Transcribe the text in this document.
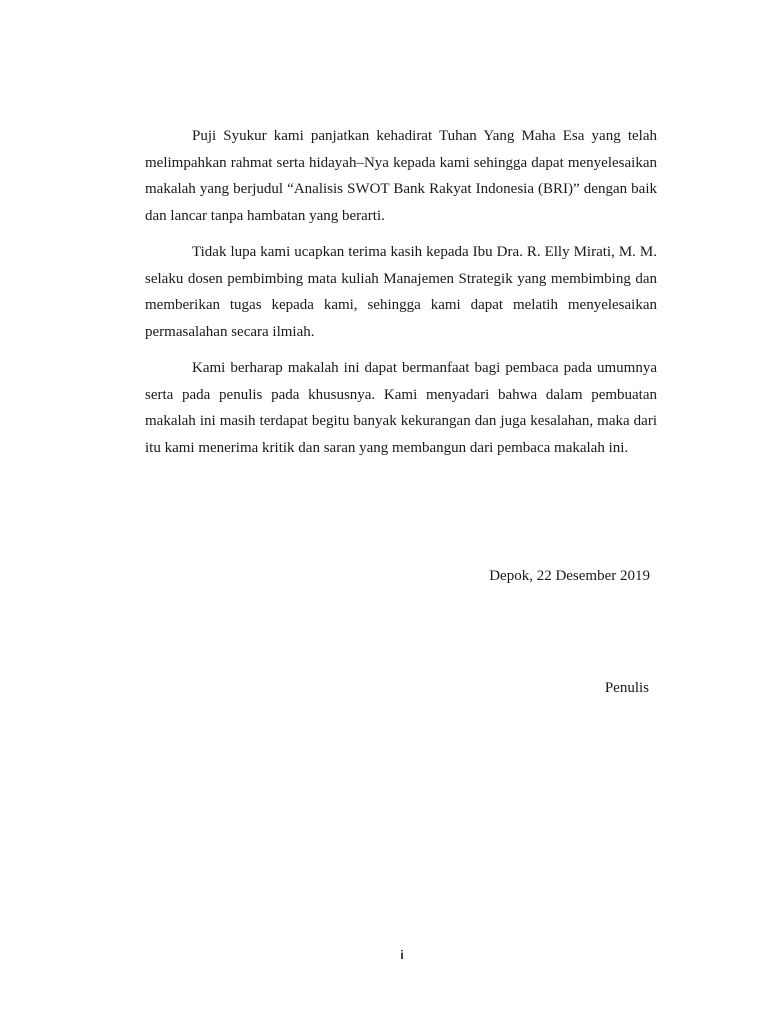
Puji Syukur kami panjatkan kehadirat Tuhan Yang Maha Esa yang telah melimpahkan rahmat serta hidayah–Nya kepada kami sehingga dapat menyelesaikan makalah yang berjudul “Analisis SWOT Bank Rakyat Indonesia (BRI)” dengan baik dan lancar tanpa hambatan yang berarti.

Tidak lupa kami ucapkan terima kasih kepada Ibu Dra. R. Elly Mirati, M. M. selaku dosen pembimbing mata kuliah Manajemen Strategik yang membimbing dan memberikan tugas kepada kami, sehingga kami dapat melatih menyelesaikan permasalahan secara ilmiah.

Kami berharap makalah ini dapat bermanfaat bagi pembaca pada umumnya serta pada penulis pada khususnya. Kami menyadari bahwa dalam pembuatan makalah ini masih terdapat begitu banyak kekurangan dan juga kesalahan, maka dari itu kami menerima kritik dan saran yang membangun dari pembaca makalah ini.

Depok, 22 Desember 2019
Penulis
i
